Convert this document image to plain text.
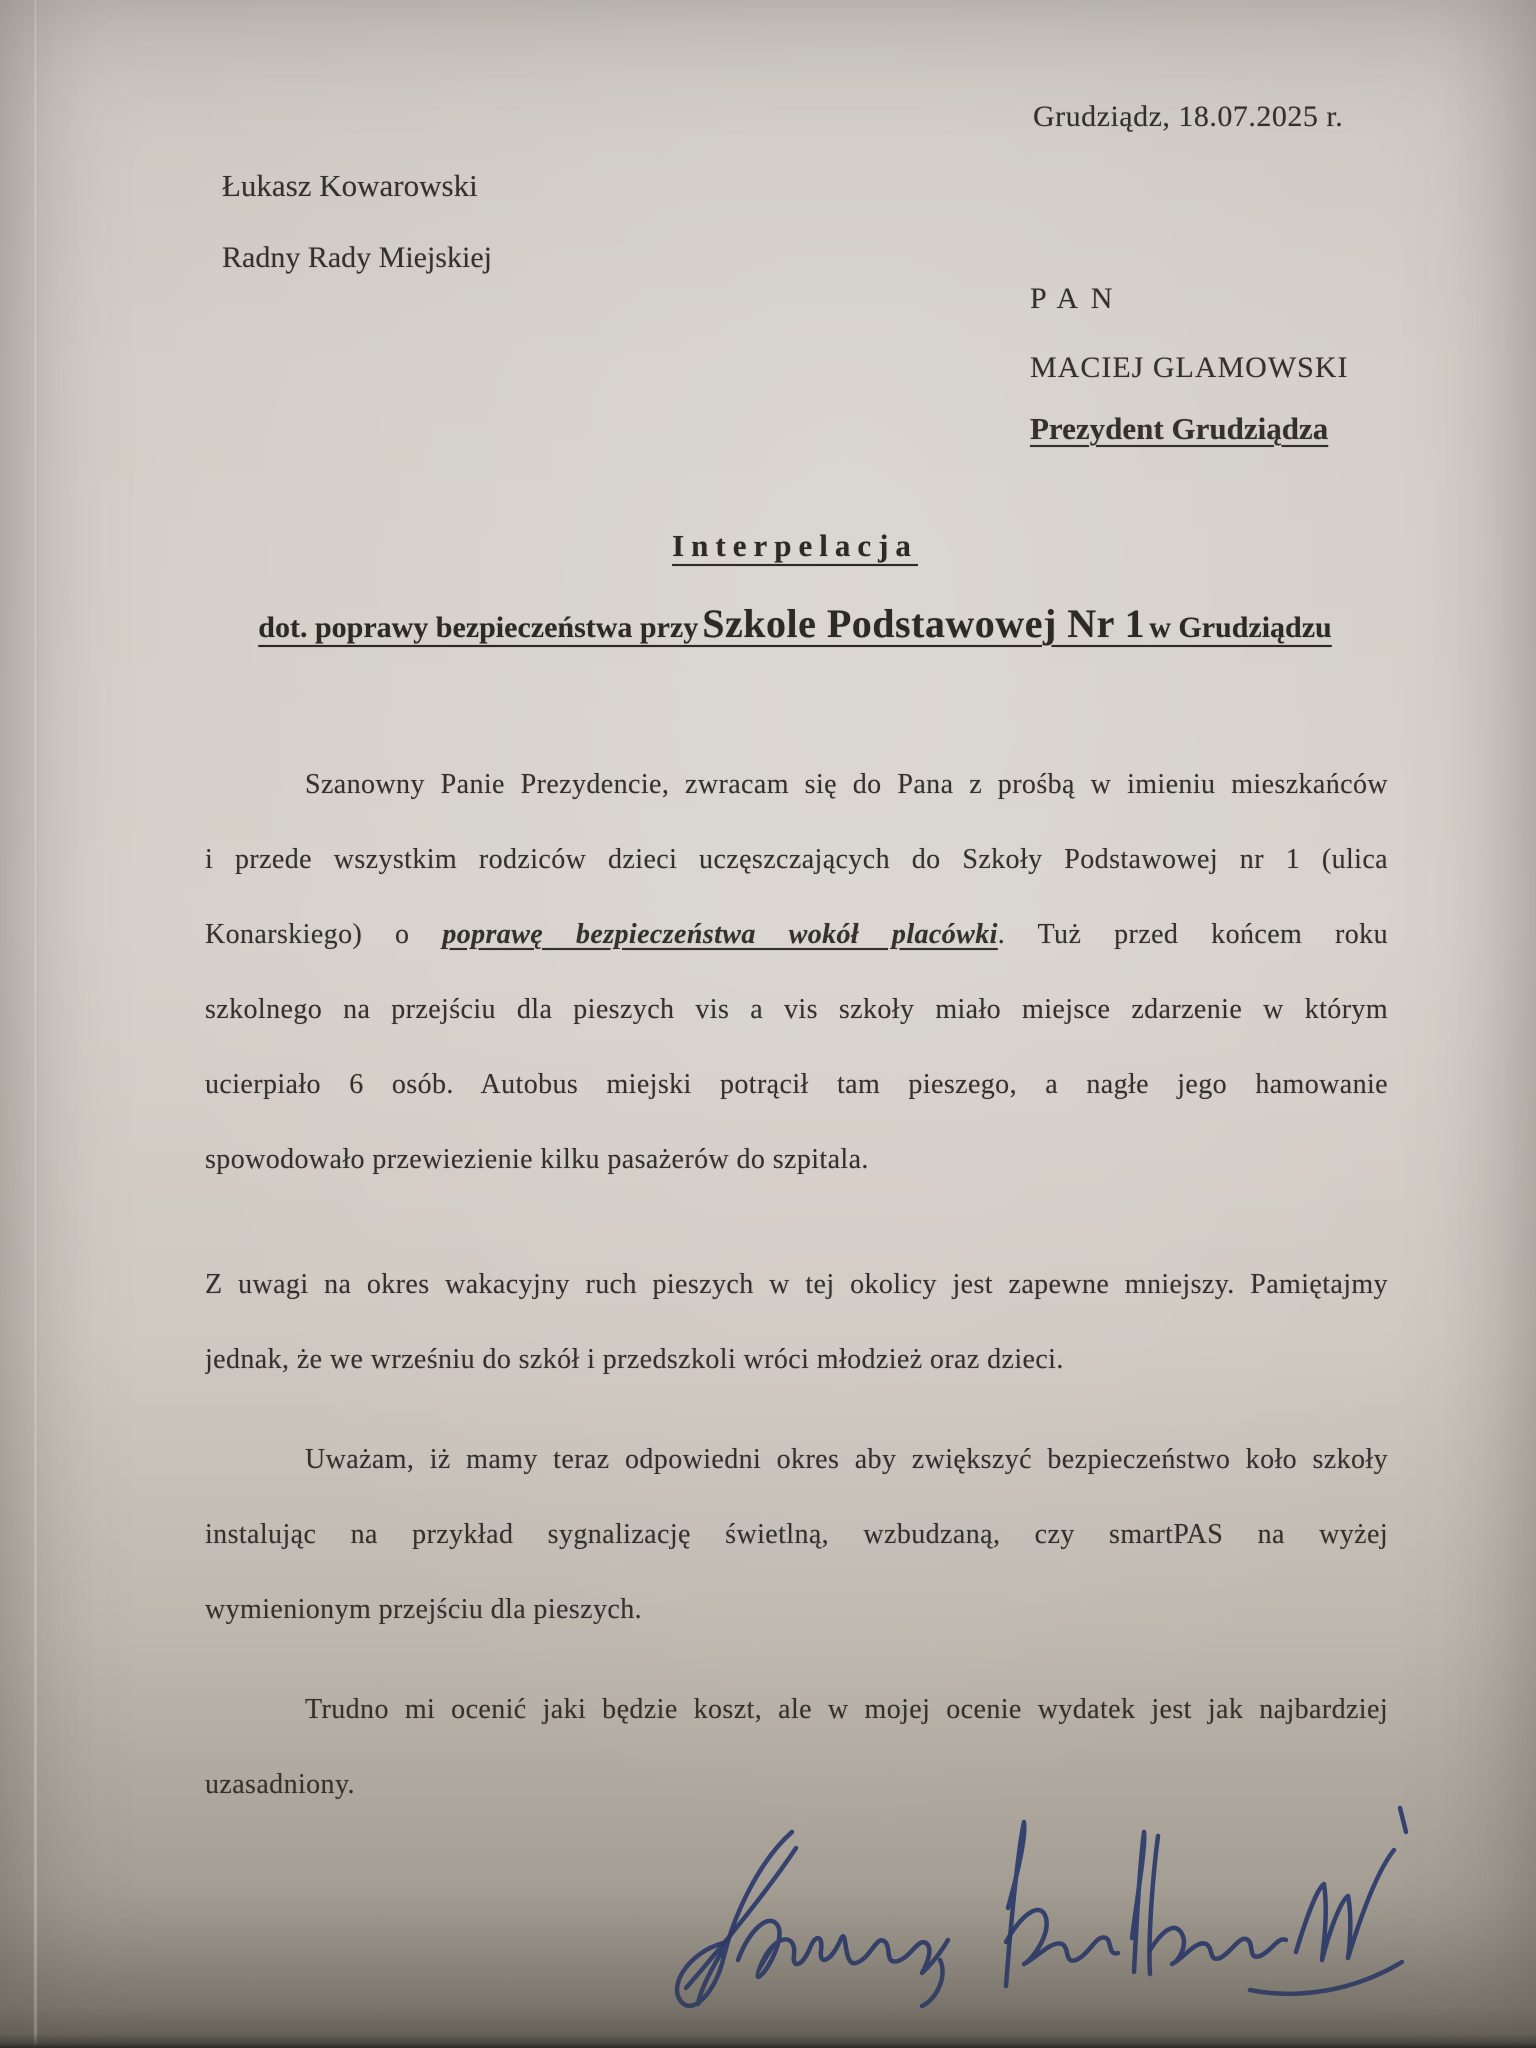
Grudziądz, 18.07.2025 r.
Łukasz Kowarowski
Radny Rady Miejskiej
PAN
MACIEJ GLAMOWSKI
Prezydent Grudziądza
Interpelacja
dot. poprawy bezpieczeństwa przy Szkole Podstawowej Nr 1 w Grudziądzu
Szanowny Panie Prezydencie, zwracam się do Pana z prośbą w imieniu mieszkańców
i przede wszystkim rodziców dzieci uczęszczających do Szkoły Podstawowej nr 1 (ulica
Konarskiego) o poprawę bezpieczeństwa wokół placówki. Tuż przed końcem roku
szkolnego na przejściu dla pieszych vis a vis szkoły miało miejsce zdarzenie w którym
ucierpiało 6 osób. Autobus miejski potrącił tam pieszego, a nagłe jego hamowanie
spowodowało przewiezienie kilku pasażerów do szpitala.
Z uwagi na okres wakacyjny ruch pieszych w tej okolicy jest zapewne mniejszy. Pamiętajmy
jednak, że we wrześniu do szkół i przedszkoli wróci młodzież oraz dzieci.
Uważam, iż mamy teraz odpowiedni okres aby zwiększyć bezpieczeństwo koło szkoły
instalując na przykład sygnalizację świetlną, wzbudzaną, czy smartPAS na wyżej
wymienionym przejściu dla pieszych.
Trudno mi ocenić jaki będzie koszt, ale w mojej ocenie wydatek jest jak najbardziej
uzasadniony.
